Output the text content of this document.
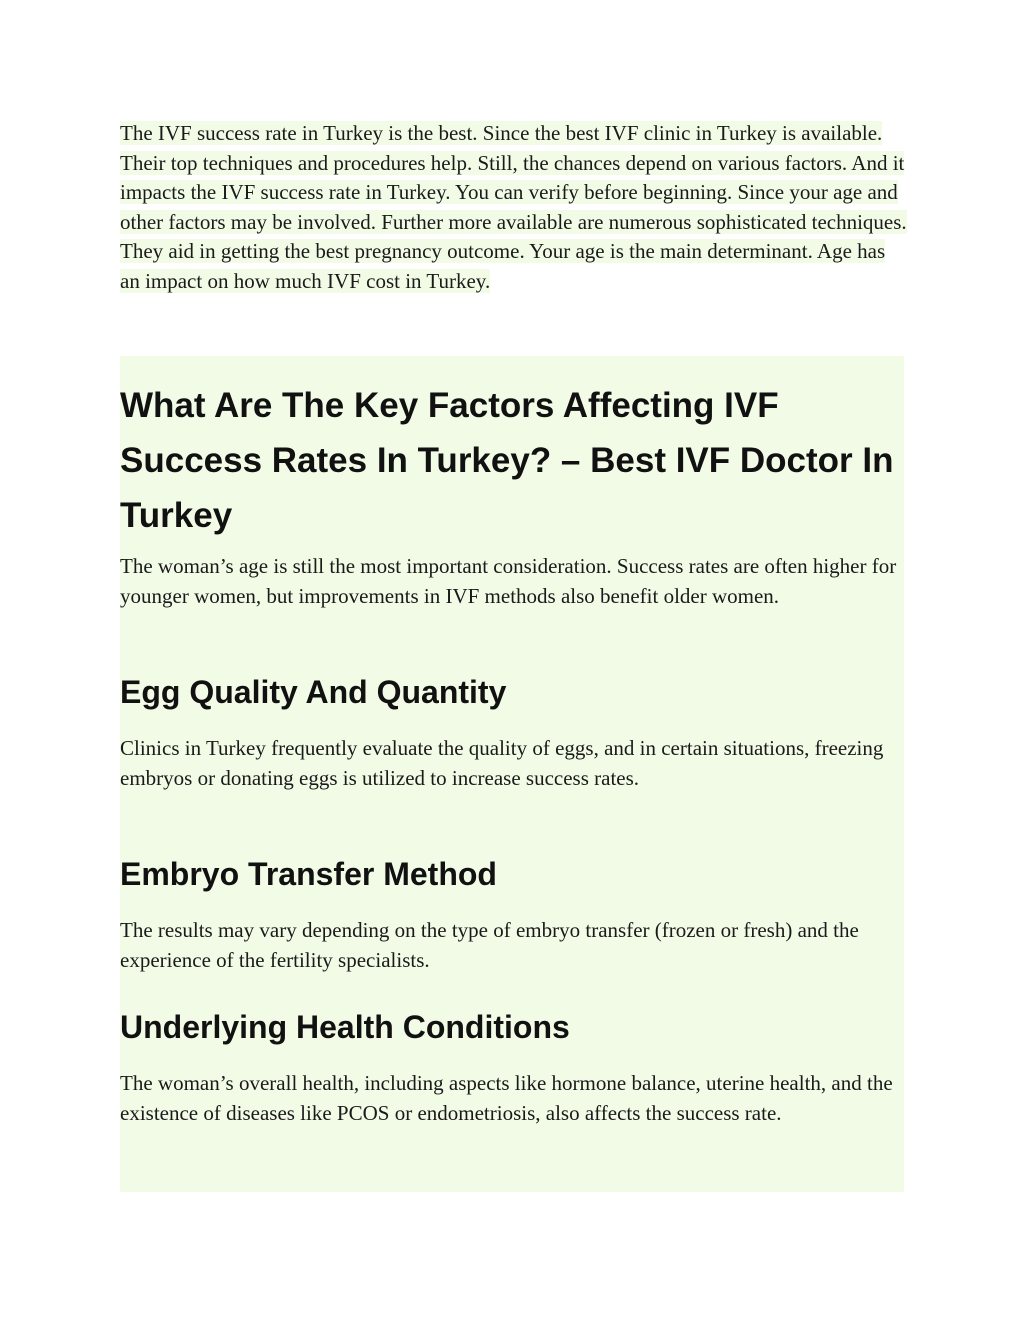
The IVF success rate in Turkey is the best. Since the best IVF clinic in Turkey is available. Their top techniques and procedures help. Still, the chances depend on various factors. And it impacts the IVF success rate in Turkey. You can verify before beginning. Since your age and other factors may be involved. Further more available are numerous sophisticated techniques. They aid in getting the best pregnancy outcome. Your age is the main determinant. Age has an impact on how much IVF cost in Turkey.

What Are The Key Factors Affecting IVF Success Rates In Turkey? – Best IVF Doctor In Turkey

The woman’s age is still the most important consideration. Success rates are often higher for younger women, but improvements in IVF methods also benefit older women.

Egg Quality And Quantity

Clinics in Turkey frequently evaluate the quality of eggs, and in certain situations, freezing embryos or donating eggs is utilized to increase success rates.

Embryo Transfer Method

The results may vary depending on the type of embryo transfer (frozen or fresh) and the experience of the fertility specialists.

Underlying Health Conditions

The woman’s overall health, including aspects like hormone balance, uterine health, and the existence of diseases like PCOS or endometriosis, also affects the success rate.
